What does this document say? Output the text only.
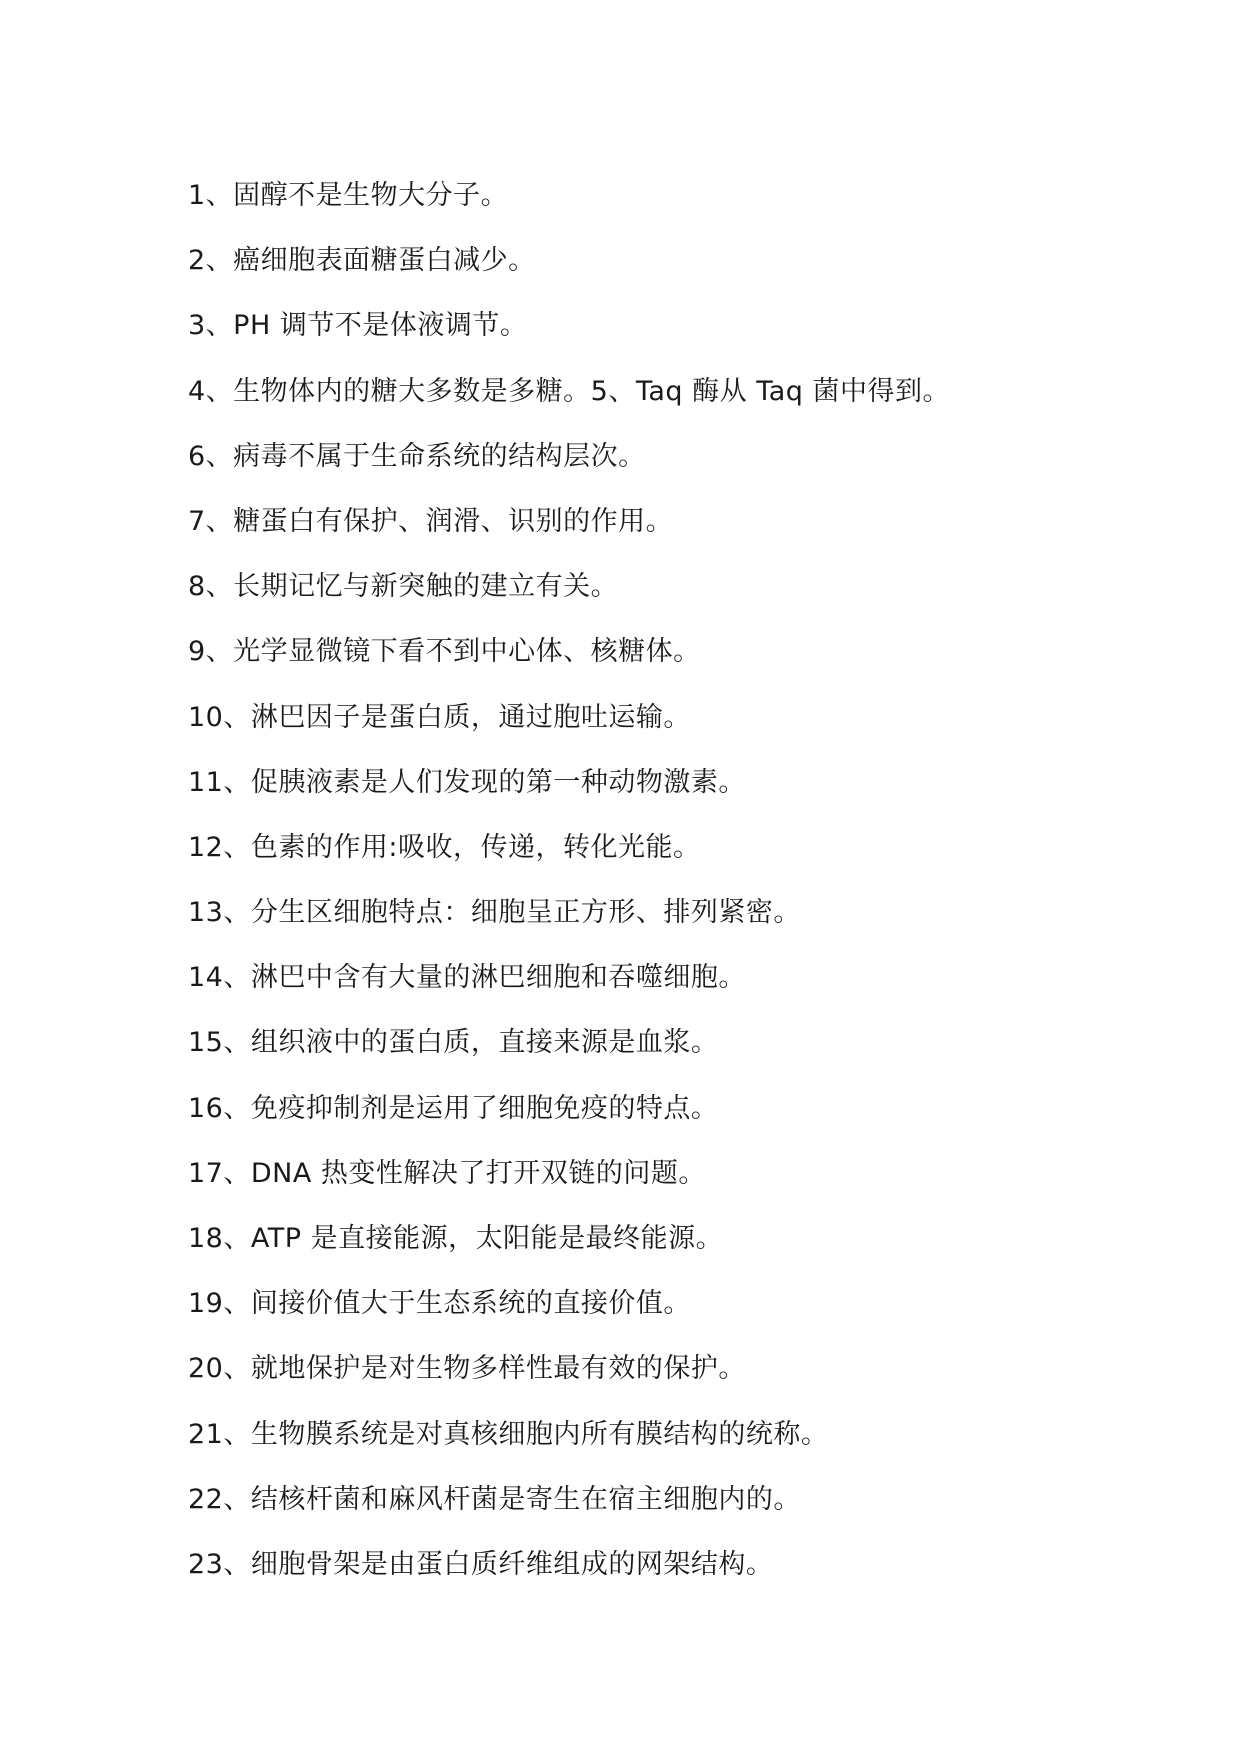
1、固醇不是生物大分子。
2、癌细胞表面糖蛋白减少。
3、PH 调节不是体液调节。
4、生物体内的糖大多数是多糖。5、Taq 酶从 Taq 菌中得到。
6、病毒不属于生命系统的结构层次。
7、糖蛋白有保护、润滑、识别的作用。
8、长期记忆与新突触的建立有关。
9、光学显微镜下看不到中心体、核糖体。
10、淋巴因子是蛋白质，通过胞吐运输。
11、促胰液素是人们发现的第一种动物激素。
12、色素的作用:吸收，传递，转化光能。
13、分生区细胞特点：细胞呈正方形、排列紧密。
14、淋巴中含有大量的淋巴细胞和吞噬细胞。
15、组织液中的蛋白质，直接来源是血浆。
16、免疫抑制剂是运用了细胞免疫的特点。
17、DNA 热变性解决了打开双链的问题。
18、ATP 是直接能源，太阳能是最终能源。
19、间接价值大于生态系统的直接价值。
20、就地保护是对生物多样性最有效的保护。
21、生物膜系统是对真核细胞内所有膜结构的统称。
22、结核杆菌和麻风杆菌是寄生在宿主细胞内的。
23、细胞骨架是由蛋白质纤维组成的网架结构。
